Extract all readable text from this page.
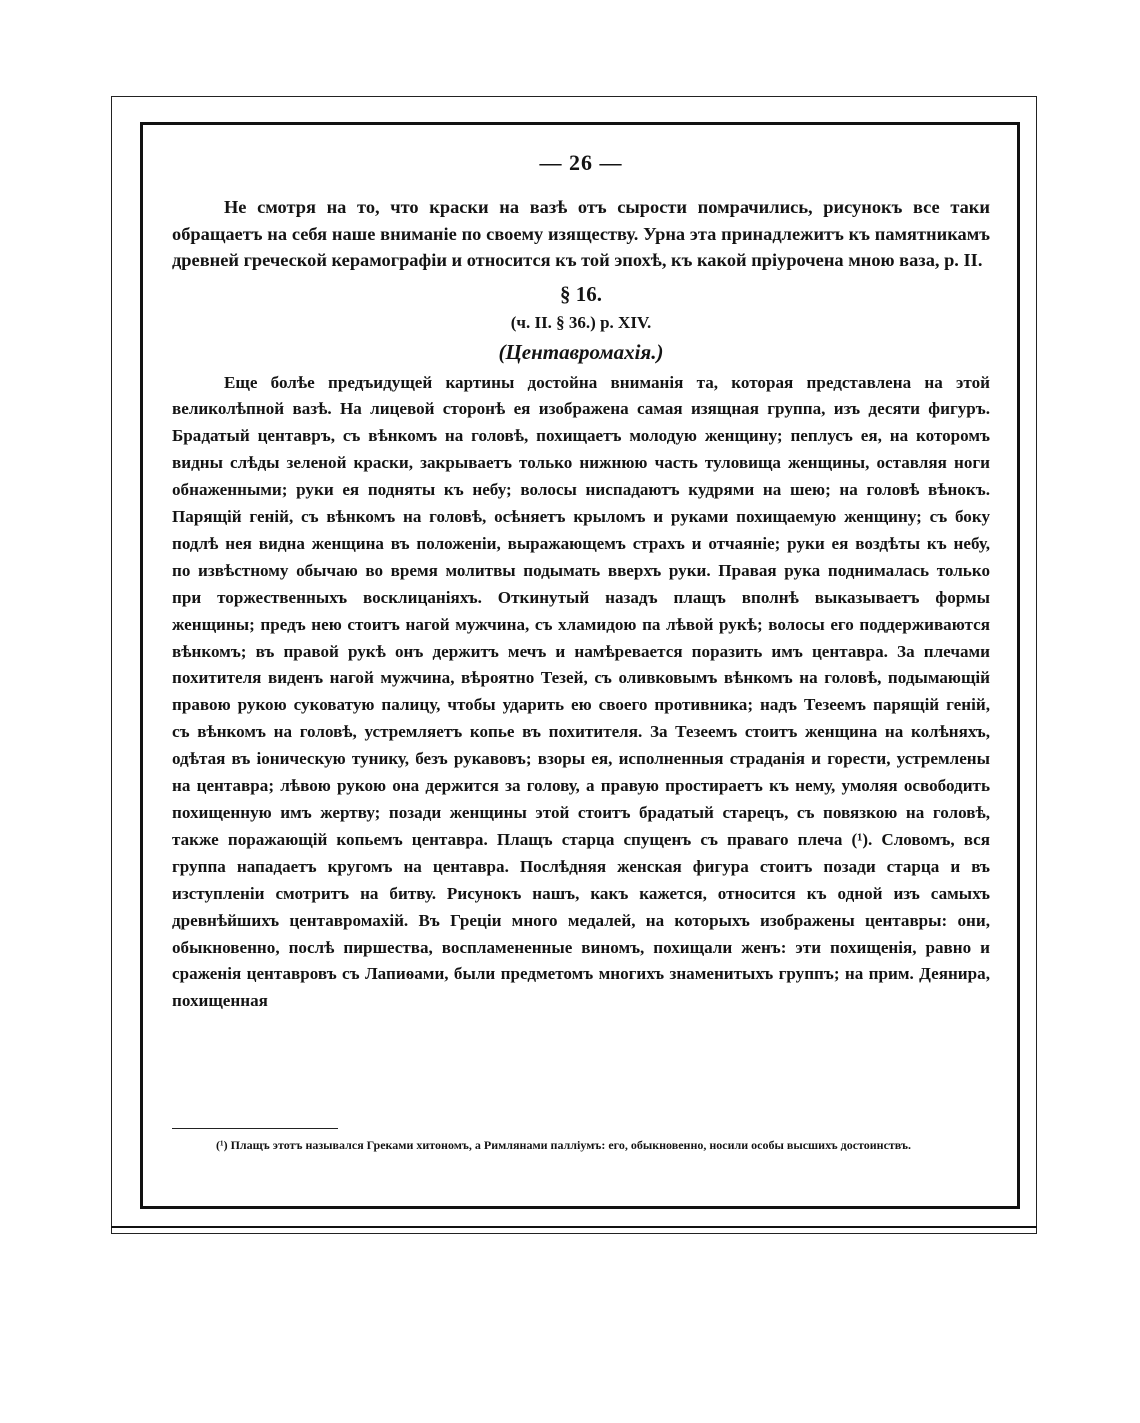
— 26 —

Не смотря на то, что краски на вазѣ отъ сырости помрачились, рисунокъ все таки обращаетъ на себя наше вниманіе по своему изяществу. Урна эта принадлежитъ къ памятникамъ древней греческой керамографіи и относится къ той эпохѣ, къ какой пріурочена мною ваза, р. II.

§ 16.
(ч. II. § 36.) р. XIV.
(Центавромахія.)

Еще болѣе предъидущей картины достойна вниманія та, которая представлена на этой великолѣпной вазѣ. На лицевой сторонѣ ея изображена самая изящная группа, изъ десяти фигуръ. Брадатый центавръ, съ вѣнкомъ на головѣ, похищаетъ молодую женщину; пеплусъ ея, на которомъ видны слѣды зеленой краски, закрываетъ только нижнюю часть туловища женщины, оставляя ноги обнаженными; руки ея подняты къ небу; волосы ниспадаютъ кудрями на шею; на головѣ вѣнокъ. Парящій геній, съ вѣнкомъ на головѣ, осѣняетъ крыломъ и руками похищаемую женщину; съ боку подлѣ нея видна женщина въ положеніи, выражающемъ страхъ и отчаяніе; руки ея воздѣты къ небу, по извѣстному обычаю во время молитвы подымать вверхъ руки. Правая рука поднималась только при торжественныхъ восклицаніяхъ. Откинутый назадъ плащъ вполнѣ выказываетъ формы женщины; предъ нею стоитъ нагой мужчина, съ хламидою па лѣвой рукѣ; волосы его поддерживаются вѣнкомъ; въ правой рукѣ онъ держитъ мечъ и намѣревается поразить имъ центавра. За плечами похитителя виденъ нагой мужчина, вѣроятно Тезей, съ оливковымъ вѣнкомъ на головѣ, подымающій правою рукою суковатую палицу, чтобы ударить ею своего противника; надъ Тезеемъ парящій геній, съ вѣнкомъ на головѣ, устремляетъ копье въ похитителя. За Тезеемъ стоитъ женщина на колѣняхъ, одѣтая въ іоническую тунику, безъ рукавовъ; взоры ея, исполненныя страданія и горести, устремлены на центавра; лѣвою рукою она держится за голову, а правую простираетъ къ нему, умоляя освободить похищенную имъ жертву; позади женщины этой стоитъ брадатый старецъ, съ повязкою на головѣ, также поражающій копьемъ центавра. Плащъ старца спущенъ съ праваго плеча (¹). Словомъ, вся группа нападаетъ кругомъ на центавра. Послѣдняя женская фигура стоитъ позади старца и въ изступленіи смотритъ на битву. Рисунокъ нашъ, какъ кажется, относится къ одной изъ самыхъ древнѣйшихъ центавромахій. Въ Греціи много медалей, на которыхъ изображены центавры: они, обыкновенно, послѣ пиршества, воспламененные виномъ, похищали женъ: эти похищенія, равно и сраженія центавровъ съ Лапиѳами, были предметомъ многихъ знаменитыхъ группъ; на прим. Деянира, похищенная

(¹) Плащъ этотъ назывался Греками хитономъ, а Римлянами палліумъ: его, обыкновенно, носили особы высшихъ достоинствъ.
